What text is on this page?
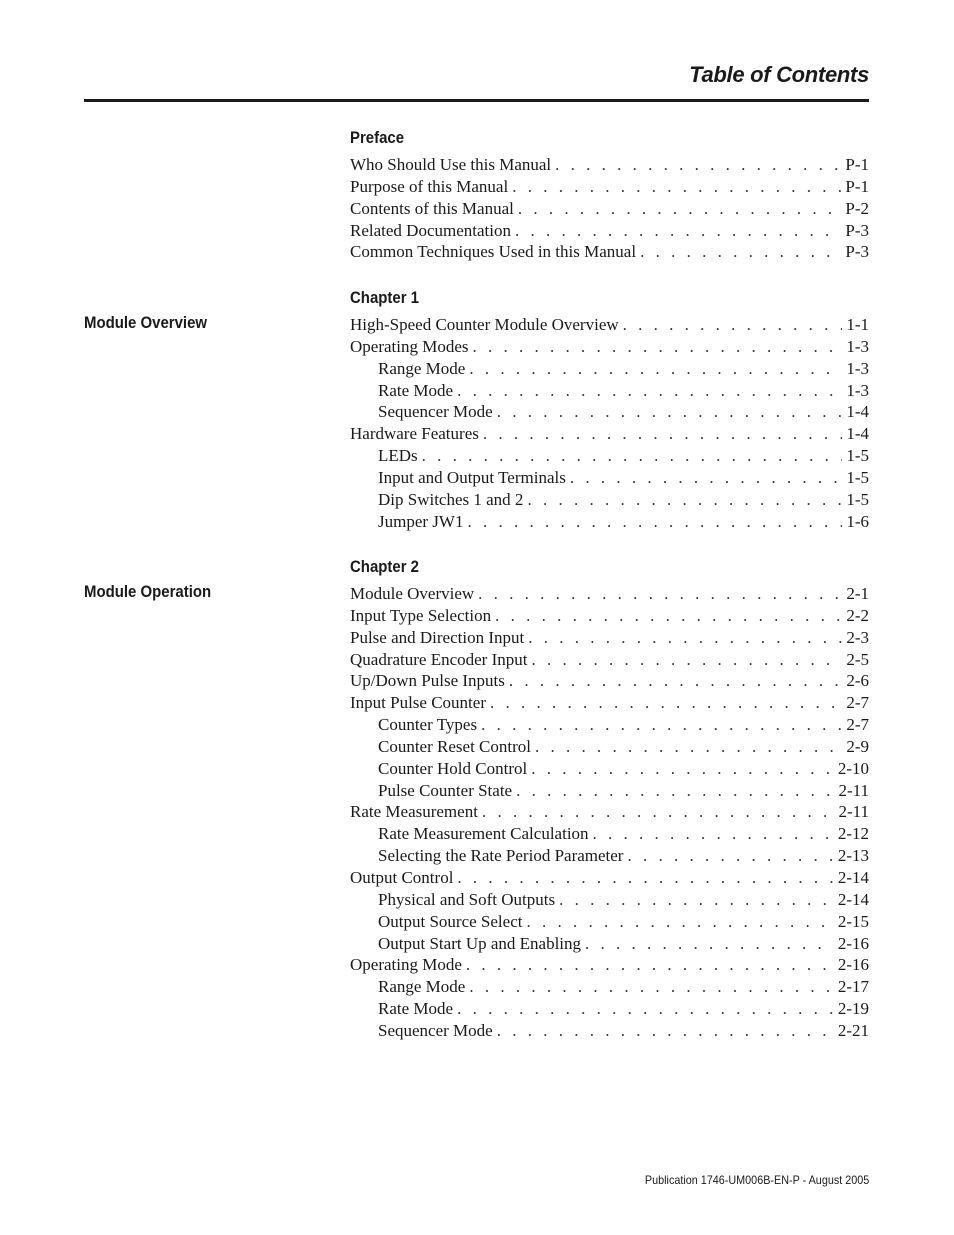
Table of Contents
Preface
Who Should Use this Manual . . .	P-1
Purpose of this Manual . . .	P-1
Contents of this Manual . . .	P-2
Related Documentation . . .	P-3
Common Techniques Used in this Manual . . .	P-3
Chapter 1
Module Overview	High-Speed Counter Module Overview . . .	1-1
Operating Modes . . .	1-3
Range Mode . . .	1-3
Rate Mode . . .	1-3
Sequencer Mode . . .	1-4
Hardware Features . . .	1-4
LEDs . . .	1-5
Input and Output Terminals . . .	1-5
Dip Switches 1 and 2 . . .	1-5
Jumper JW1 . . .	1-6
Chapter 2
Module Operation	Module Overview . . .	2-1
Input Type Selection . . .	2-2
Pulse and Direction Input . . .	2-3
Quadrature Encoder Input . . .	2-5
Up/Down Pulse Inputs . . .	2-6
Input Pulse Counter . . .	2-7
Counter Types . . .	2-7
Counter Reset Control . . .	2-9
Counter Hold Control . . .	2-10
Pulse Counter State . . .	2-11
Rate Measurement . . .	2-11
Rate Measurement Calculation . . .	2-12
Selecting the Rate Period Parameter . . .	2-13
Output Control . . .	2-14
Physical and Soft Outputs . . .	2-14
Output Source Select . . .	2-15
Output Start Up and Enabling . . .	2-16
Operating Mode . . .	2-16
Range Mode . . .	2-17
Rate Mode . . .	2-19
Sequencer Mode . . .	2-21
Publication 1746-UM006B-EN-P - August 2005
